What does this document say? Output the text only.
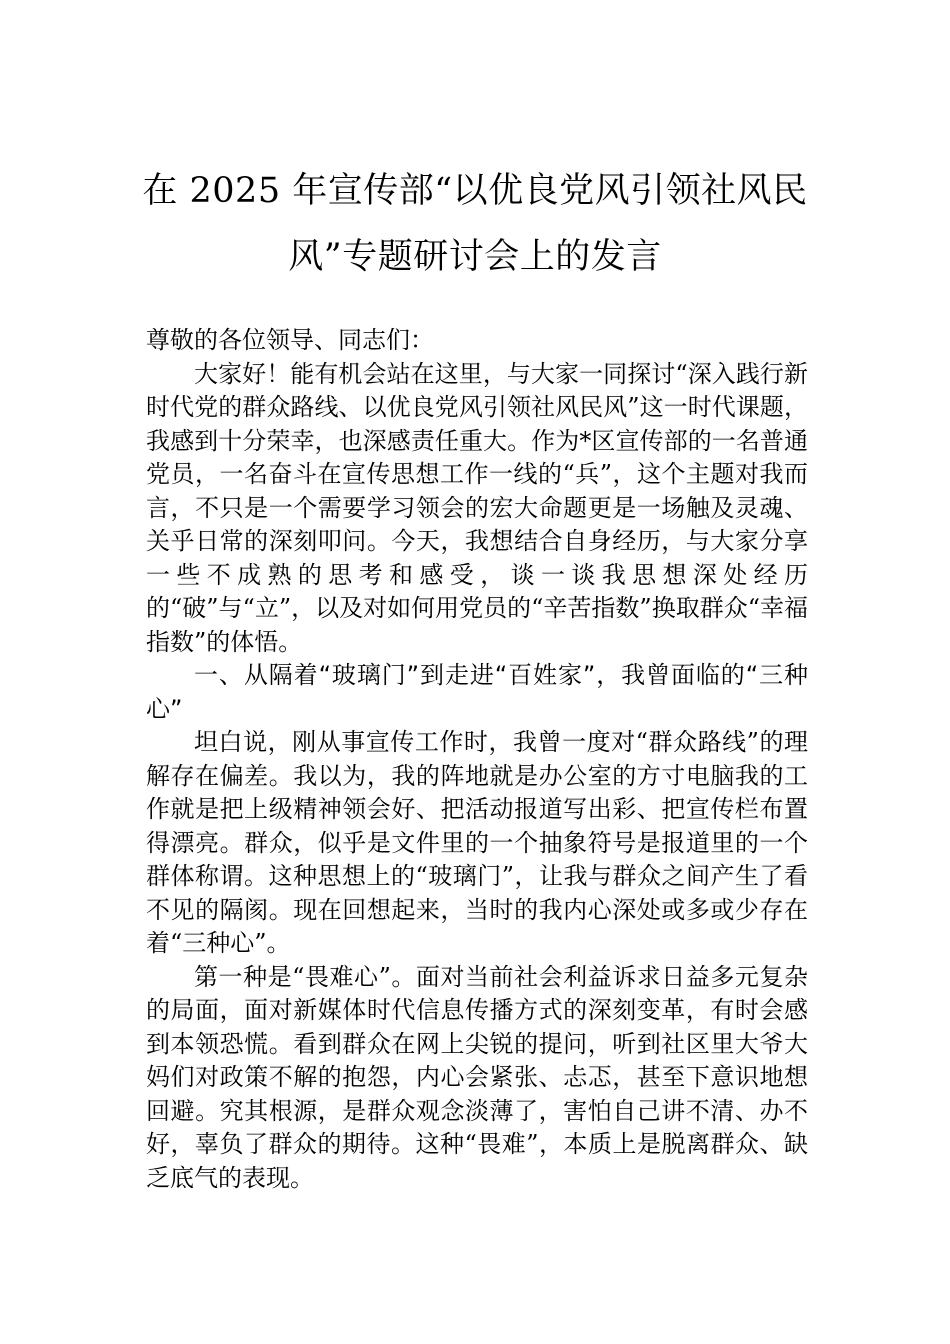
在 2025 年宣传部“以优良党风引领社风民
风”专题研讨会上的发言
尊敬的各位领导、同志们：

大家好！能有机会站在这里，与大家一同探讨“深入践行新时代党的群众路线、以优良党风引领社风民风”这一时代课题，我感到十分荣幸，也深感责任重大。作为*区宣传部的一名普通党员，一名奋斗在宣传思想工作一线的“兵”，这个主题对我而言，不只是一个需要学习领会的宏大命题更是一场触及灵魂、关乎日常的深刻叩问。今天，我想结合自身经历，与大家分享一些不成熟的思考和感受，谈一谈我思想深处经历的“破”与“立”，以及对如何用党员的“辛苦指数”换取群众“幸福指数”的体悟。

一、从隔着“玻璃门”到走进“百姓家”，我曾面临的“三种心”

坦白说，刚从事宣传工作时，我曾一度对“群众路线”的理解存在偏差。我以为，我的阵地就是办公室的方寸电脑我的工作就是把上级精神领会好、把活动报道写出彩、把宣传栏布置得漂亮。群众，似乎是文件里的一个抽象符号是报道里的一个群体称谓。这种思想上的“玻璃门”，让我与群众之间产生了看不见的隔阂。现在回想起来，当时的我内心深处或多或少存在着“三种心”。

第一种是“畏难心”。面对当前社会利益诉求日益多元复杂的局面，面对新媒体时代信息传播方式的深刻变革，有时会感到本领恐慌。看到群众在网上尖锐的提问，听到社区里大爷大妈们对政策不解的抱怨，内心会紧张、忐忑，甚至下意识地想回避。究其根源，是群众观念淡薄了，害怕自己讲不清、办不好，辜负了群众的期待。这种“畏难”，本质上是脱离群众、缺乏底气的表现。
